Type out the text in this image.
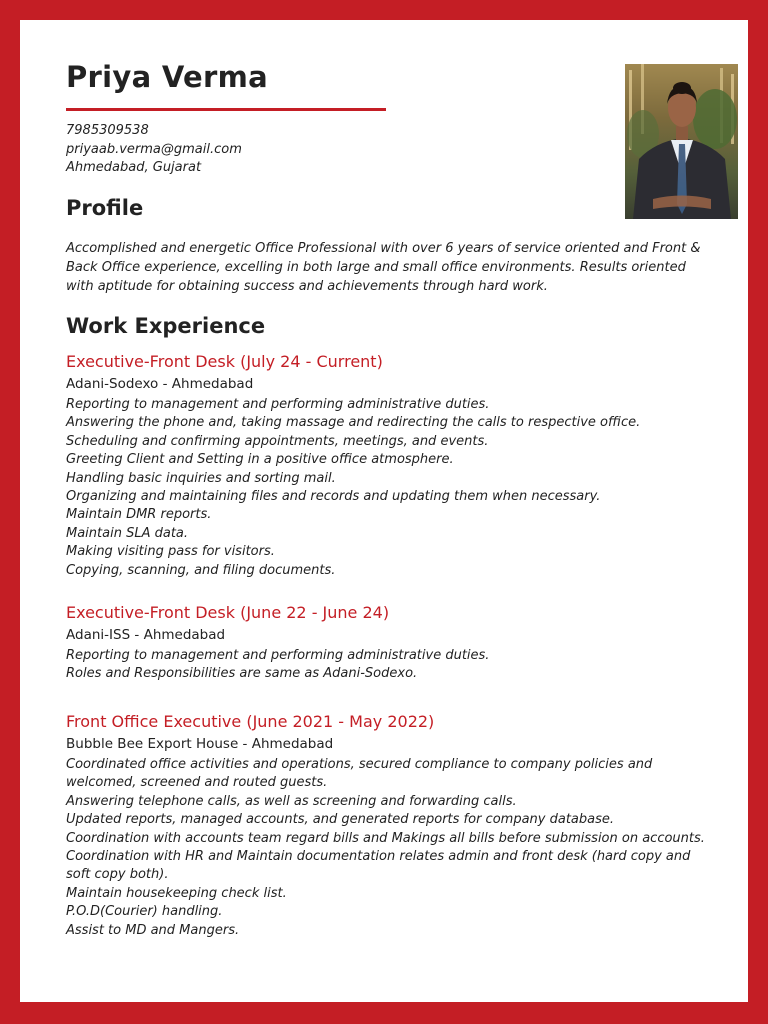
Priya Verma
7985309538
priyaab.verma@gmail.com
Ahmedabad, Gujarat
Profile
Accomplished and energetic Office Professional with over 6 years of service oriented and Front & Back Office experience, excelling in both large and small office environments. Results oriented with aptitude for obtaining success and achievements through hard work.
Work Experience
Executive-Front Desk (July 24 - Current)
Adani-Sodexo - Ahmedabad
Reporting to management and performing administrative duties.
Answering the phone and, taking massage and redirecting the calls to respective office.
Scheduling and confirming appointments, meetings, and events.
Greeting Client and Setting in a positive office atmosphere.
Handling basic inquiries and sorting mail.
Organizing and maintaining files and records and updating them when necessary.
Maintain DMR reports.
Maintain SLA data.
Making visiting pass for visitors.
Copying, scanning, and filing documents.
Executive-Front Desk (June 22 - June 24)
Adani-ISS - Ahmedabad
Reporting to management and performing administrative duties.
Roles and Responsibilities are same as Adani-Sodexo.
Front Office Executive (June 2021 - May 2022)
Bubble Bee Export House - Ahmedabad
Coordinated office activities and operations, secured compliance to company policies and welcomed, screened and routed guests.
Answering telephone calls, as well as screening and forwarding calls.
Updated reports, managed accounts, and generated reports for company database.
Coordination with accounts team regard bills and Makings all bills before submission on accounts.
Coordination with HR and Maintain documentation relates admin and front desk (hard copy and soft copy both).
Maintain housekeeping check list.
P.O.D(Courier) handling.
Assist to MD and Mangers.
